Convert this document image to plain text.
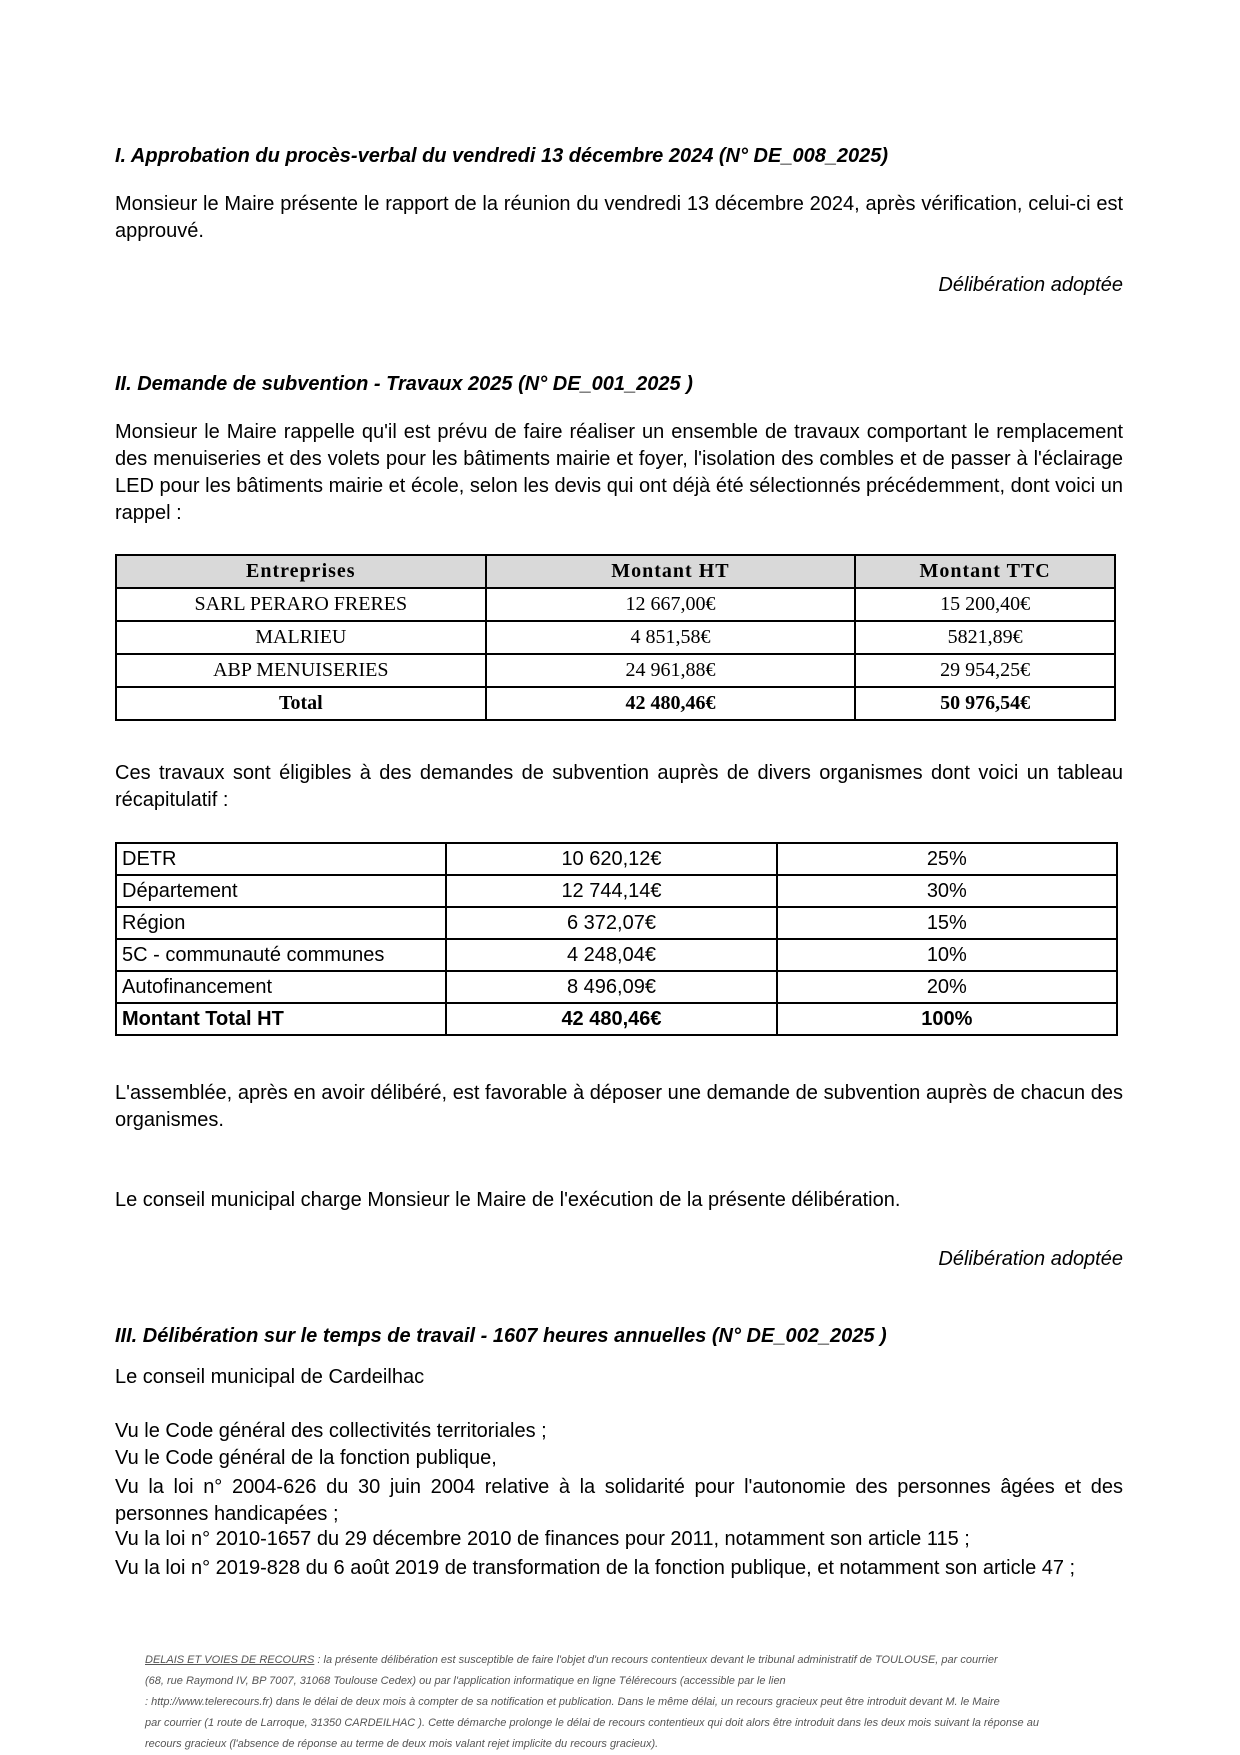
I. Approbation du procès-verbal du vendredi 13 décembre 2024 (N° DE_008_2025)
Monsieur le Maire présente le rapport de la réunion du vendredi 13 décembre 2024, après vérification, celui-ci est approuvé.
Délibération adoptée
II. Demande de subvention - Travaux 2025 (N° DE_001_2025 )
Monsieur le Maire rappelle qu'il est prévu de faire réaliser un ensemble de travaux comportant le remplacement des menuiseries et des volets pour les bâtiments mairie et foyer, l'isolation des combles et de passer à l'éclairage LED pour les bâtiments mairie et école, selon les devis qui ont déjà été sélectionnés précédemment, dont voici un rappel :
Entreprises	Montant HT	Montant TTC
SARL PERARO FRERES	12 667,00€	15 200,40€
MALRIEU	4 851,58€	5821,89€
ABP MENUISERIES	24 961,88€	29 954,25€
Total	42 480,46€	50 976,54€
Ces travaux sont éligibles à des demandes de subvention auprès de divers organismes dont voici un tableau récapitulatif :
DETR	10 620,12€	25%
Département	12 744,14€	30%
Région	6 372,07€	15%
5C - communauté communes	4 248,04€	10%
Autofinancement	8 496,09€	20%
Montant Total HT	42 480,46€	100%
L'assemblée, après en avoir délibéré, est favorable à déposer une demande de subvention auprès de chacun des organismes.
Le conseil municipal charge Monsieur le Maire de l'exécution de la présente délibération.
Délibération adoptée
III. Délibération sur le temps de travail - 1607 heures annuelles (N° DE_002_2025 )
Le conseil municipal de Cardeilhac
Vu le Code général des collectivités territoriales ;
Vu le Code général de la fonction publique,
Vu la loi n° 2004-626 du 30 juin 2004 relative à la solidarité pour l'autonomie des personnes âgées et des personnes handicapées ;
Vu la loi n° 2010-1657 du 29 décembre 2010 de finances pour 2011, notamment son article 115 ;
Vu la loi n° 2019-828 du 6 août 2019 de transformation de la fonction publique, et notamment son article 47 ;

DELAIS ET VOIES DE RECOURS : la présente délibération est susceptible de faire l'objet d'un recours contentieux devant le tribunal administratif de TOULOUSE, par courrier

(68, rue Raymond IV, BP 7007, 31068 Toulouse Cedex) ou par l'application informatique en ligne Télérecours (accessible par le lien

: http://www.telerecours.fr) dans le délai de deux mois à compter de sa notification et publication. Dans le même délai, un recours gracieux peut être introduit devant M. le Maire

par courrier (1 route de Larroque, 31350 CARDEILHAC ). Cette démarche prolonge le délai de recours contentieux qui doit alors être introduit dans les deux mois suivant la réponse au

recours gracieux (l'absence de réponse au terme de deux mois valant rejet implicite du recours gracieux).
